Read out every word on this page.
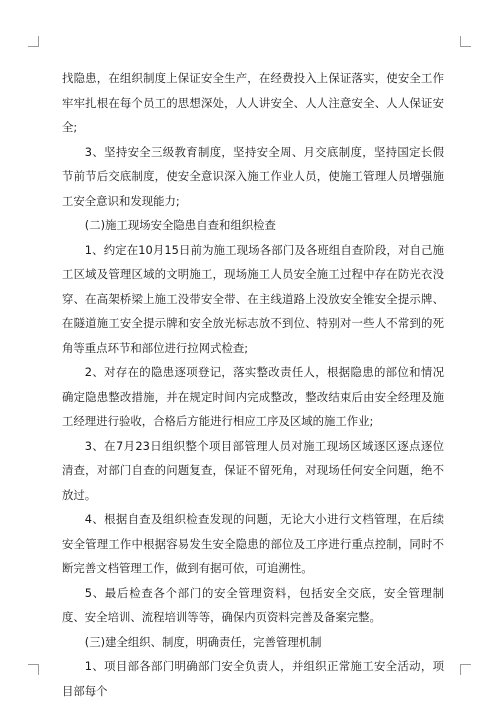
找隐患，在组织制度上保证安全生产，在经费投入上保证落实，使安全工作牢牢扎根在每个员工的思想深处，人人讲安全、人人注意安全、人人保证安全;

3、坚持安全三级教育制度，坚持安全周、月交底制度，坚持国定长假节前节后交底制度，使安全意识深入施工作业人员，使施工管理人员增强施工安全意识和发现能力;

(二)施工现场安全隐患自查和组织检查

1、约定在10月15日前为施工现场各部门及各班组自查阶段，对自己施工区域及管理区域的文明施工，现场施工人员安全施工过程中存在防光衣没穿、在高架桥梁上施工没带安全带、在主线道路上没放安全锥安全提示牌、在隧道施工安全提示牌和安全放光标志放不到位、特别对一些人不常到的死角等重点环节和部位进行拉网式检查;

2、对存在的隐患逐项登记，落实整改责任人，根据隐患的部位和情况确定隐患整改措施，并在规定时间内完成整改，整改结束后由安全经理及施工经理进行验收，合格后方能进行相应工序及区域的施工作业;

3、在7月23日组织整个项目部管理人员对施工现场区域逐区逐点逐位清查，对部门自查的问题复查，保证不留死角，对现场任何安全问题，绝不放过。

4、根据自查及组织检查发现的问题，无论大小进行文档管理，在后续安全管理工作中根据容易发生安全隐患的部位及工序进行重点控制，同时不断完善文档管理工作，做到有据可依，可追溯性。

5、最后检查各个部门的安全管理资料，包括安全交底，安全管理制度、安全培训、流程培训等等，确保内页资料完善及备案完整。

(三)建全组织、制度，明确责任，完善管理机制

1、项目部各部门明确部门安全负责人，并组织正常施工安全活动，项目部每个
